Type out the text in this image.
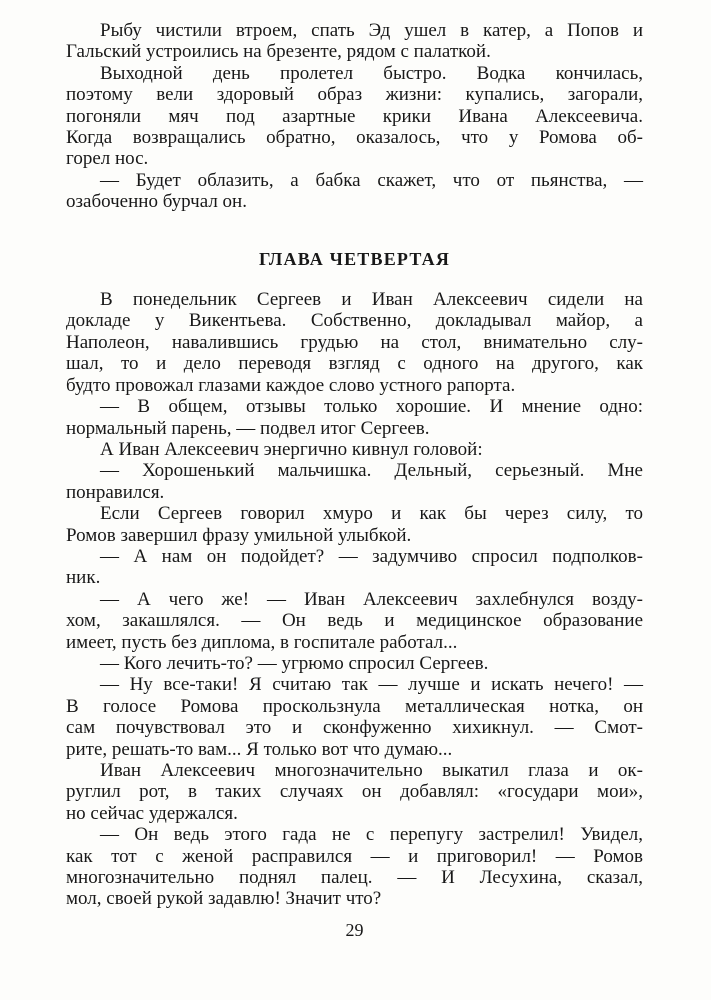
Рыбу чистили втроем, спать Эд ушел в катер, а Попов и
Гальский устроились на брезенте, рядом с палаткой.

Выходной день пролетел быстро. Водка кончилась,
поэтому вели здоровый образ жизни: купались, загорали,
погоняли мяч под азартные крики Ивана Алексеевича.
Когда возвращались обратно, оказалось, что у Ромова об-
горел нос.

— Будет облазить, а бабка скажет, что от пьянства, —
озабоченно бурчал он.

ГЛАВА ЧЕТВЕРТАЯ

В понедельник Сергеев и Иван Алексеевич сидели на
докладе у Викентьева. Собственно, докладывал майор, а
Наполеон, навалившись грудью на стол, внимательно слу-
шал, то и дело переводя взгляд с одного на другого, как
будто провожал глазами каждое слово устного рапорта.

— В общем, отзывы только хорошие. И мнение одно:
нормальный парень, — подвел итог Сергеев.

А Иван Алексеевич энергично кивнул головой:

— Хорошенький мальчишка. Дельный, серьезный. Мне
понравился.

Если Сергеев говорил хмуро и как бы через силу, то
Ромов завершил фразу умильной улыбкой.

— А нам он подойдет? — задумчиво спросил подполков-
ник.

— А чего же! — Иван Алексеевич захлебнулся возду-
хом, закашлялся. — Он ведь и медицинское образование
имеет, пусть без диплома, в госпитале работал...

— Кого лечить-то? — угрюмо спросил Сергеев.

— Ну все-таки! Я считаю так — лучше и искать нечего! —
В голосе Ромова проскользнула металлическая нотка, он
сам почувствовал это и сконфуженно хихикнул. — Смот-
рите, решать-то вам... Я только вот что думаю...

Иван Алексеевич многозначительно выкатил глаза и ок-
руглил рот, в таких случаях он добавлял: «государи мои»,
но сейчас удержался.

— Он ведь этого гада не с перепугу застрелил! Увидел,
как тот с женой расправился — и приговорил! — Ромов
многозначительно поднял палец. — И Лесухина, сказал,
мол, своей рукой задавлю! Значит что?

29
